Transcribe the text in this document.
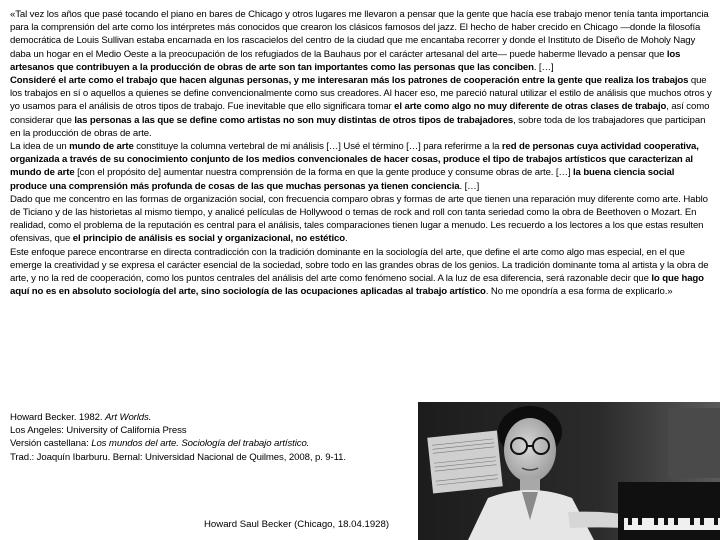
«Tal vez los años que pasé tocando el piano en bares de Chicago y otros lugares me llevaron a pensar que la gente que hacía ese trabajo menor tenía tanta importancia para la comprensión del arte como los intérpretes más conocidos que crearon los clásicos famosos del jazz. El hecho de haber crecido en Chicago —donde la filosofía democrática de Louis Sullivan estaba encarnada en los rascacielos del centro de la ciudad que me encantaba recorrer y donde el Instituto de Diseño de Moholy Nagy daba un hogar en el Medio Oeste a la preocupación de los refugiados de la Bauhaus por el carácter artesanal del arte— puede haberme llevado a pensar que los artesanos que contribuyen a la producción de obras de arte son tan importantes como las personas que las conciben. […]

Consideré el arte como el trabajo que hacen algunas personas, y me interesaran más los patrones de cooperación entre la gente que realiza los trabajos que los trabajos en sí o aquellos a quienes se define convencionalmente como sus creadores. Al hacer eso, me pareció natural utilizar el estilo de análisis que muchos otros y yo usamos para el análisis de otros tipos de trabajo. Fue inevitable que ello significara tomar el arte como algo no muy diferente de otras clases de trabajo, así como considerar que las personas a las que se define como artistas no son muy distintas de otros tipos de trabajadores, sobre toda de los trabajadores que participan en la producción de obras de arte.

La idea de un mundo de arte constituye la columna vertebral de mi análisis […] Usé el término […] para referirme a la red de personas cuya actividad cooperativa, organizada a través de su conocimiento conjunto de los medios convencionales de hacer cosas, produce el tipo de trabajos artísticos que caracterizan al mundo de arte [con el propósito de] aumentar nuestra comprensión de la forma en que la gente produce y consume obras de arte. […] la buena ciencia social produce una comprensión más profunda de cosas de las que muchas personas ya tienen conciencia. […]

Dado que me concentro en las formas de organización social, con frecuencia comparo obras y formas de arte que tienen una reparación muy diferente como arte. Hablo de Ticiano y de las historietas al mismo tiempo, y analicé películas de Hollywood o temas de rock and roll con tanta seriedad como la obra de Beethoven o Mozart. En realidad, como el problema de la reputación es central para el análisis, tales comparaciones tienen lugar a menudo. Les recuerdo a los lectores a los que estas resulten ofensivas, que el principio de análisis es social y organizacional, no estético.

Este enfoque parece encontrarse en directa contradicción con la tradición dominante en la sociología del arte, que define el arte como algo mas especial, en el que emerge la creatividad y se expresa el carácter esencial de la sociedad, sobre todo en las grandes obras de los genios. La tradición dominante toma al artista y la obra de arte, y no la red de cooperación, como los puntos centrales del análisis del arte como fenómeno social. A la luz de esa diferencia, será razonable decir que lo que hago aquí no es en absoluto sociología del arte, sino sociología de las ocupaciones aplicadas al trabajo artístico. No me opondría a esa forma de explicarlo.»

Howard Becker. 1982. Art Worlds.
Los Angeles: University of California Press
Versión castellana: Los mundos del arte. Sociología del trabajo artístico.
Trad.: Joaquín Ibarburu. Bernal: Universidad Nacional de Quilmes, 2008, p. 9-11.
Howard Saul Becker (Chicago, 18.04.1928)
